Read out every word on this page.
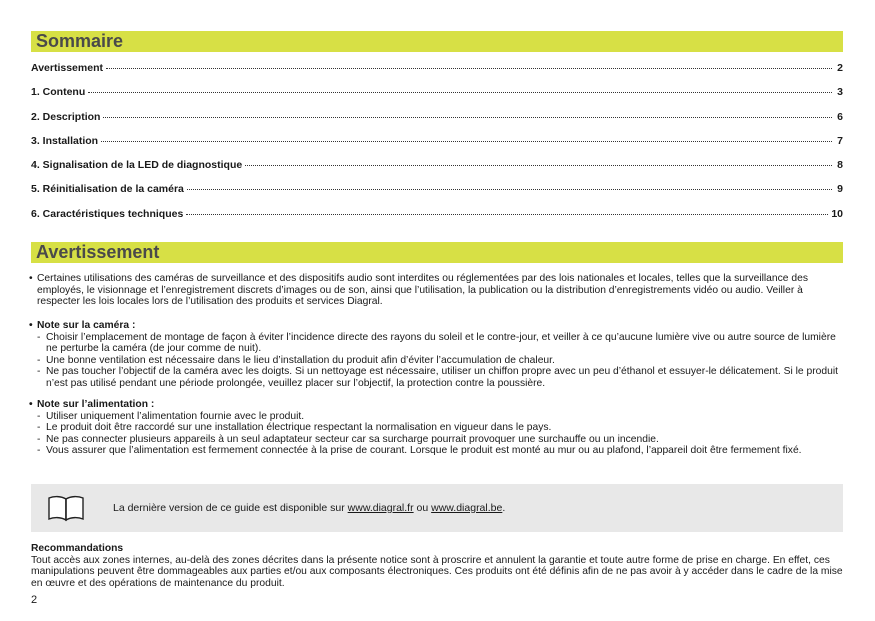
Sommaire
Avertissement	2
1. Contenu	3
2. Description	6
3. Installation	7
4. Signalisation de la LED de diagnostique	8
5. Réinitialisation de la caméra	9
6. Caractéristiques techniques	10
Avertissement
• Certaines utilisations des caméras de surveillance et des dispositifs audio sont interdites ou réglementées par des lois nationales et locales, telles que la surveillance des employés, le visionnage et l’enregistrement discrets d’images ou de son, ainsi que l’utilisation, la publication ou la distribution d’enregistrements vidéo ou audio. Veiller à respecter les lois locales lors de l’utilisation des produits et services Diagral.
• Note sur la caméra :
- Choisir l’emplacement de montage de façon à éviter l’incidence directe des rayons du soleil et le contre-jour, et veiller à ce qu’aucune lumière vive ou autre source de lumière ne perturbe la caméra (de jour comme de nuit).
- Une bonne ventilation est nécessaire dans le lieu d’installation du produit afin d’éviter l’accumulation de chaleur.
- Ne pas toucher l’objectif de la caméra avec les doigts. Si un nettoyage est nécessaire, utiliser un chiffon propre avec un peu d’éthanol et essuyer-le délicatement. Si le produit n’est pas utilisé pendant une période prolongée, veuillez placer sur l’objectif, la protection contre la poussière.
• Note sur l’alimentation :
- Utiliser uniquement l’alimentation fournie avec le produit.
- Le produit doit être raccordé sur une installation électrique respectant la normalisation en vigueur dans le pays.
- Ne pas connecter plusieurs appareils à un seul adaptateur secteur car sa surcharge pourrait provoquer une surchauffe ou un incendie.
- Vous assurer que l’alimentation est fermement connectée à la prise de courant. Lorsque le produit est monté au mur ou au plafond, l’appareil doit être fermement fixé.
La dernière version de ce guide est disponible sur www.diagral.fr ou www.diagral.be.
Recommandations
Tout accès aux zones internes, au-delà des zones décrites dans la présente notice sont à proscrire et annulent la garantie et toute autre forme de prise en charge. En effet, ces manipulations peuvent être dommageables aux parties et/ou aux composants électroniques. Ces produits ont été définis afin de ne pas avoir à y accéder dans le cadre de la mise en œuvre et des opérations de maintenance du produit.
2
